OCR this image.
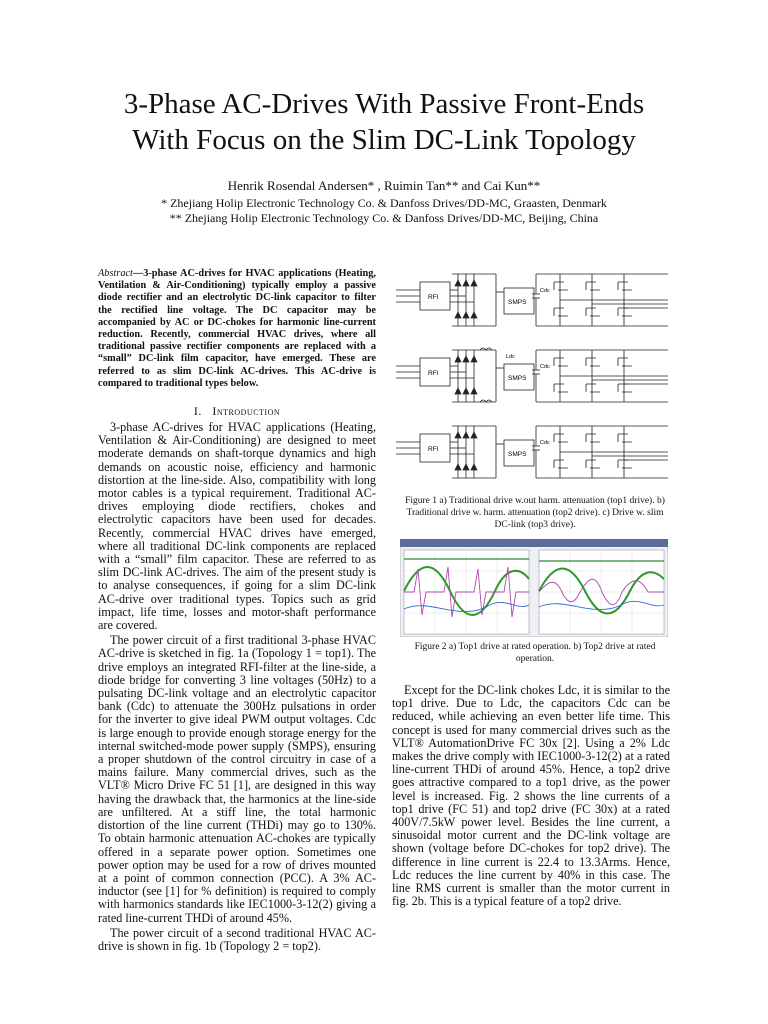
3-Phase AC-Drives With Passive Front-Ends
With Focus on the Slim DC-Link Topology
Henrik Rosendal Andersen* , Ruimin Tan** and Cai Kun**
* Zhejiang Holip Electronic Technology Co. & Danfoss Drives/DD-MC, Graasten, Denmark
** Zhejiang Holip Electronic Technology Co. & Danfoss Drives/DD-MC, Beijing, China
Abstract—3-phase AC-drives for HVAC applications (Heating, Ventilation & Air-Conditioning) typically employ a passive diode rectifier and an electrolytic DC-link capacitor to filter the rectified line voltage. The DC capacitor may be accompanied by AC or DC-chokes for harmonic line-current reduction. Recently, commercial HVAC drives, where all traditional passive rectifier components are replaced with a “small” DC-link film capacitor, have emerged. These are referred to as slim DC-link AC-drives. This AC-drive is compared to traditional types below.
I. Introduction

3-phase AC-drives for HVAC applications (Heating, Ventilation & Air-Conditioning) are designed to meet moderate demands on shaft-torque dynamics and high demands on acoustic noise, efficiency and harmonic distortion at the line-side. Also, compatibility with long motor cables is a typical requirement. Traditional AC-drives employing diode rectifiers, chokes and electrolytic capacitors have been used for decades. Recently, commercial HVAC drives have emerged, where all traditional DC-link components are replaced with a “small” film capacitor. These are referred to as slim DC-link AC-drives. The aim of the present study is to analyse consequences, if going for a slim DC-link AC-drive over traditional types. Topics such as grid impact, life time, losses and motor-shaft performance are covered.

The power circuit of a first traditional 3-phase HVAC AC-drive is sketched in fig. 1a (Topology 1 = top1). The drive employs an integrated RFI-filter at the line-side, a diode bridge for converting 3 line voltages (50Hz) to a pulsating DC-link voltage and an electrolytic capacitor bank (Cdc) to attenuate the 300Hz pulsations in order for the inverter to give ideal PWM output voltages. Cdc is large enough to provide enough storage energy for the internal switched-mode power supply (SMPS), ensuring a proper shutdown of the control circuitry in case of a mains failure. Many commercial drives, such as the VLT® Micro Drive FC 51 [1], are designed in this way having the drawback that, the harmonics at the line-side are unfiltered. At a stiff line, the total harmonic distortion of the line current (THDi) may go to 130%. To obtain harmonic attenuation AC-chokes are typically offered in a separate power option. Sometimes one power option may be used for a row of drives mounted at a point of common connection (PCC). A 3% AC-inductor (see [1] for % definition) is required to comply with harmonics standards like IEC1000-3-12(2) giving a rated line-current THDi of around 45%.

The power circuit of a second traditional HVAC AC-drive is shown in fig. 1b (Topology 2 = top2).

RFI
SMPS
Cdc
RFI
SMPS
Cdc
Ldc
RFI
SMPS
Cdc
Figure 1 a) Traditional drive w.out harm. attenuation (top1 drive). b) Traditional drive w. harm. attenuation (top2 drive). c) Drive w. slim DC-link (top3 drive).
Figure 2 a) Top1 drive at rated operation. b) Top2 drive at rated operation.

Except for the DC-link chokes Ldc, it is similar to the top1 drive. Due to Ldc, the capacitors Cdc can be reduced, while achieving an even better life time. This concept is used for many commercial drives such as the VLT® AutomationDrive FC 30x [2]. Using a 2% Ldc makes the drive comply with IEC1000-3-12(2) at a rated line-current THDi of around 45%. Hence, a top2 drive goes attractive compared to a top1 drive, as the power level is increased. Fig. 2 shows the line currents of a top1 drive (FC 51) and top2 drive (FC 30x) at a rated 400V/7.5kW power level. Besides the line current, a sinusoidal motor current and the DC-link voltage are shown (voltage before DC-chokes for top2 drive). The difference in line current is 22.4 to 13.3Arms. Hence, Ldc reduces the line current by 40% in this case. The line RMS current is smaller than the motor current in fig. 2b. This is a typical feature of a top2 drive.
